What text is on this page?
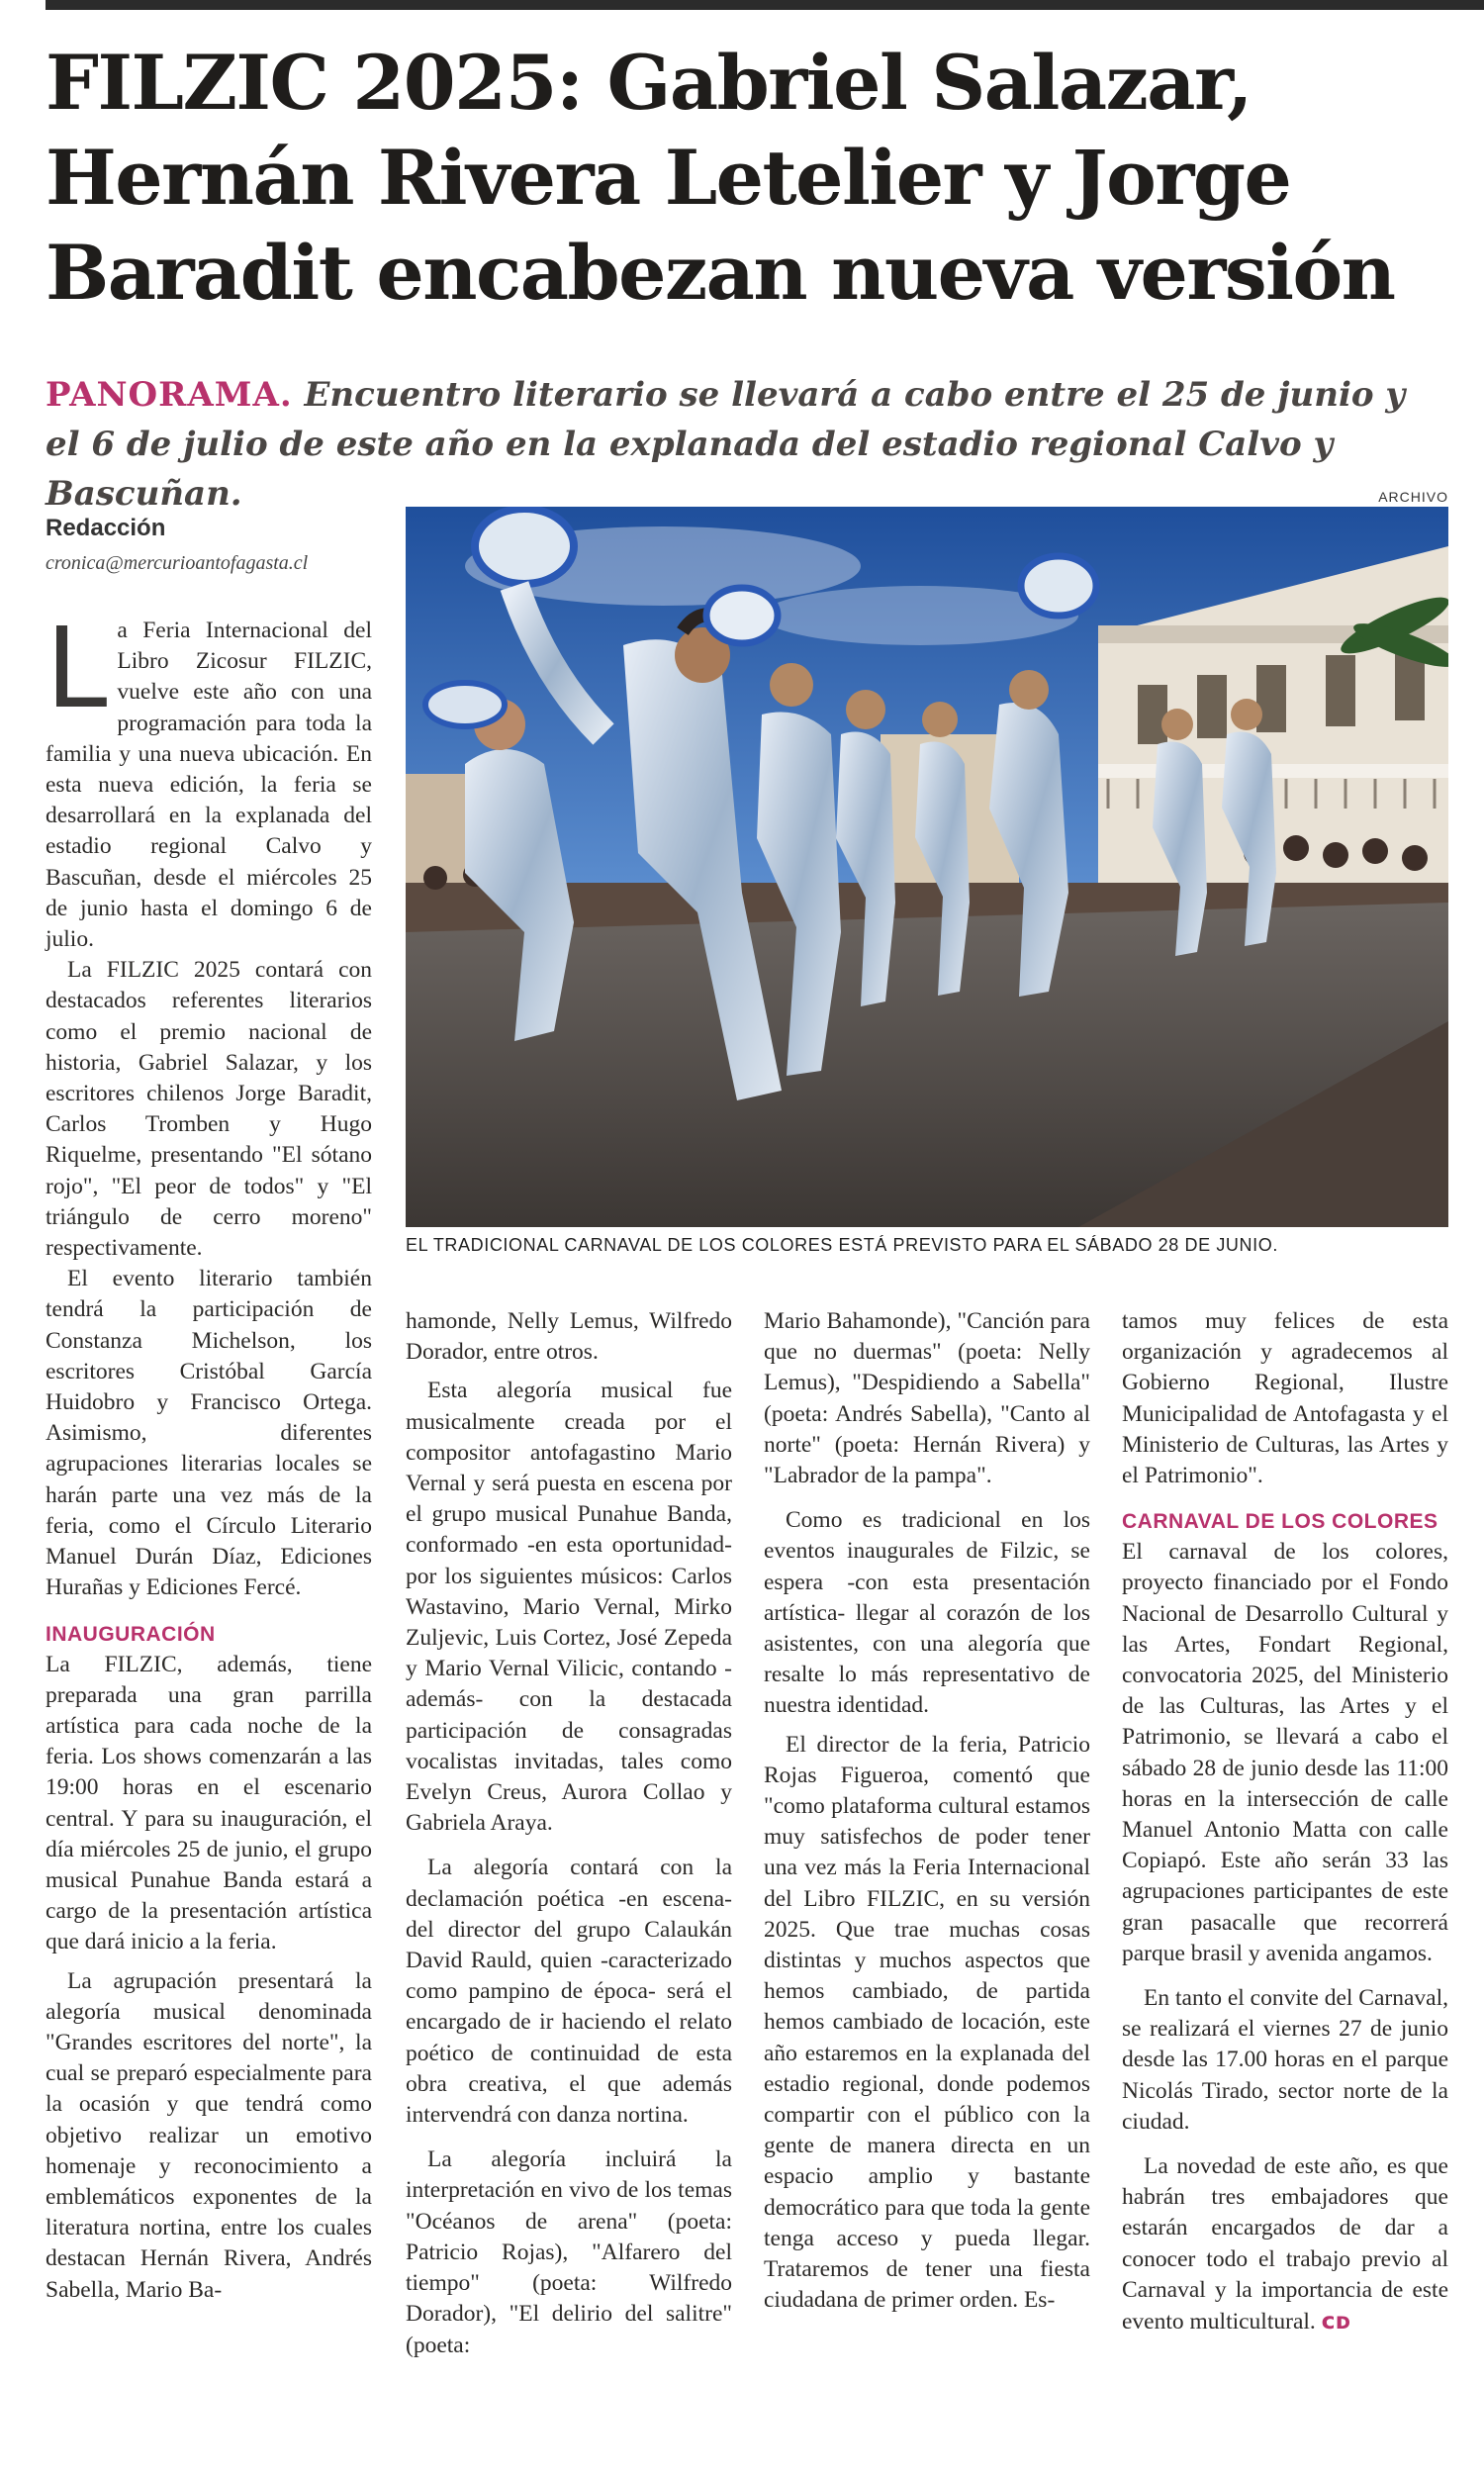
FILZIC 2025: Gabriel Salazar, Hernán Rivera Letelier y Jorge Baradit encabezan nueva versión
PANORAMA. Encuentro literario se llevará a cabo entre el 25 de junio y el 6 de julio de este año en la explanada del estadio regional Calvo y Bascuñan.
Redacción
cronica@mercurioantofagasta.cl
ARCHIVO
EL TRADICIONAL CARNAVAL DE LOS COLORES ESTÁ PREVISTO PARA EL SÁBADO 28 DE JUNIO.

La Feria Internacional del Libro Zicosur FILZIC, vuelve este año con una programación para toda la familia y una nueva ubicación. En esta nueva edición, la feria se desarrollará en la explanada del estadio regional Calvo y Bascuñan, desde el miércoles 25 de junio hasta el domingo 6 de julio.

La FILZIC 2025 contará con destacados referentes literarios como el premio nacional de historia, Gabriel Salazar, y los escritores chilenos Jorge Baradit, Carlos Tromben y Hugo Riquelme, presentando "El sótano rojo", "El peor de todos" y "El triángulo de cerro moreno" respectivamente.

El evento literario también tendrá la participación de Constanza Michelson, los escritores Cristóbal García Huidobro y Francisco Ortega. Asimismo, diferentes agrupaciones literarias locales se harán parte una vez más de la feria, como el Círculo Literario Manuel Durán Díaz, Ediciones Hurañas y Ediciones Fercé.

INAUGURACIÓN

La FILZIC, además, tiene preparada una gran parrilla artística para cada noche de la feria. Los shows comenzarán a las 19:00 horas en el escenario central. Y para su inauguración, el día miércoles 25 de junio, el grupo musical Punahue Banda estará a cargo de la presentación artística que dará inicio a la feria.

La agrupación presentará la alegoría musical denominada "Grandes escritores del norte", la cual se preparó especialmente para la ocasión y que tendrá como objetivo realizar un emotivo homenaje y reconocimiento a emblemáticos exponentes de la literatura nortina, entre los cuales destacan Hernán Rivera, Andrés Sabella, Mario Ba-

hamonde, Nelly Lemus, Wilfredo Dorador, entre otros.

Esta alegoría musical fue musicalmente creada por el compositor antofagastino Mario Vernal y será puesta en escena por el grupo musical Punahue Banda, conformado -en esta oportunidad-por los siguientes músicos: Carlos Wastavino, Mario Vernal, Mirko Zuljevic, Luis Cortez, José Zepeda y Mario Vernal Vilicic, contando -además- con la destacada participación de consagradas vocalistas invitadas, tales como Evelyn Creus, Aurora Collao y Gabriela Araya.

La alegoría contará con la declamación poética -en escena- del director del grupo Calaukán David Rauld, quien -caracterizado como pampino de época- será el encargado de ir haciendo el relato poético de continuidad de esta obra creativa, el que además intervendrá con danza nortina.

La alegoría incluirá la interpretación en vivo de los temas "Océanos de arena" (poeta: Patricio Rojas), "Alfarero del tiempo" (poeta: Wilfredo Dorador), "El delirio del salitre" (poeta:

Mario Bahamonde), "Canción para que no duermas" (poeta: Nelly Lemus), "Despidiendo a Sabella" (poeta: Andrés Sabella), "Canto al norte" (poeta: Hernán Rivera) y "Labrador de la pampa".

Como es tradicional en los eventos inaugurales de Filzic, se espera -con esta presentación artística- llegar al corazón de los asistentes, con una alegoría que resalte lo más representativo de nuestra identidad.

El director de la feria, Patricio Rojas Figueroa, comentó que "como plataforma cultural estamos muy satisfechos de poder tener una vez más la Feria Internacional del Libro FILZIC, en su versión 2025. Que trae muchas cosas distintas y muchos aspectos que hemos cambiado, de partida hemos cambiado de locación, este año estaremos en la explanada del estadio regional, donde podemos compartir con el público con la gente de manera directa en un espacio amplio y bastante democrático para que toda la gente tenga acceso y pueda llegar. Trataremos de tener una fiesta ciudadana de primer orden. Es-

tamos muy felices de esta organización y agradecemos al Gobierno Regional, Ilustre Municipalidad de Antofagasta y el Ministerio de Culturas, las Artes y el Patrimonio".

CARNAVAL DE LOS COLORES

El carnaval de los colores, proyecto financiado por el Fondo Nacional de Desarrollo Cultural y las Artes, Fondart Regional, convocatoria 2025, del Ministerio de las Culturas, las Artes y el Patrimonio, se llevará a cabo el sábado 28 de junio desde las 11:00 horas en la intersección de calle Manuel Antonio Matta con calle Copiapó. Este año serán 33 las agrupaciones participantes de este gran pasacalle que recorrerá parque brasil y avenida angamos.

En tanto el convite del Carnaval, se realizará el viernes 27 de junio desde las 17.00 horas en el parque Nicolás Tirado, sector norte de la ciudad.

La novedad de este año, es que habrán tres embajadores que estarán encargados de dar a conocer todo el trabajo previo al Carnaval y la importancia de este evento multicultural. ᴄᴅ
